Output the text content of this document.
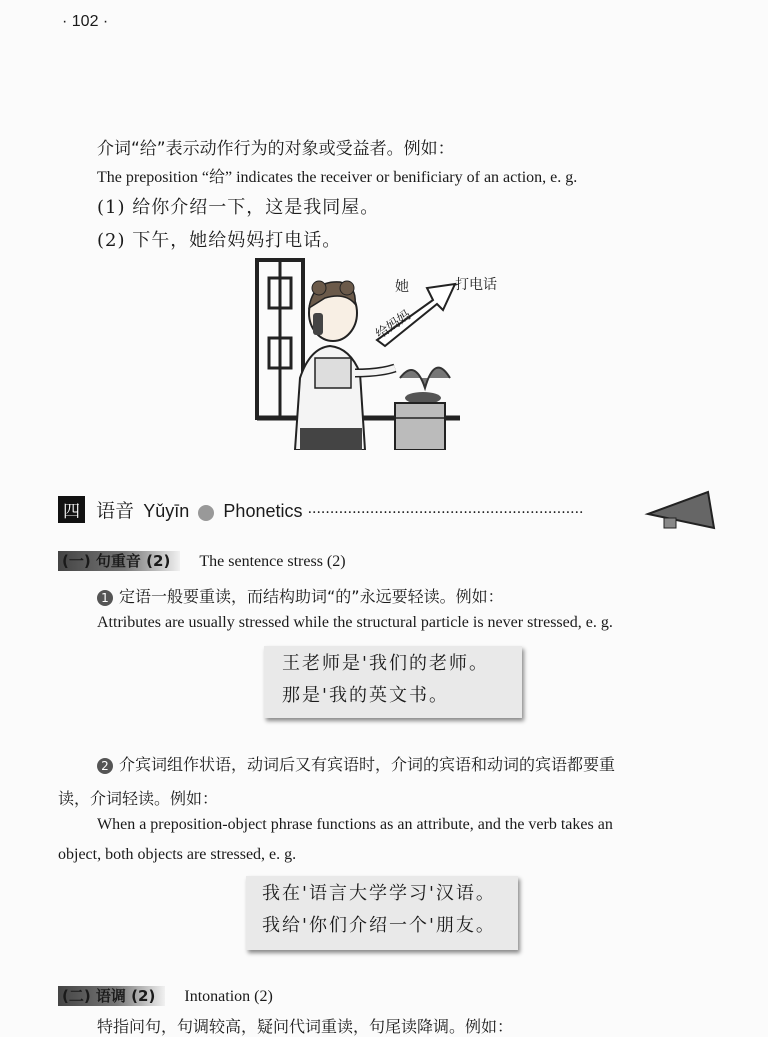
· 102 ·
介词“给”表示动作行为的对象或受益者。例如：
The preposition “给” indicates the receiver or benificiary of an action, e. g.
(1) 给你介绍一下，这是我同屋。
(2) 下午，她给妈妈打电话。
她	打电话
给妈妈
四 语音 Yǔyīn Phonetics ······························································
(一) 句重音 (2) The sentence stress (2)
1 定语一般要重读，而结构助词“的”永远要轻读。例如：
Attributes are usually stressed while the structural particle is never stressed, e. g.
王老师是'我们的老师。
那是'我的英文书。
2 介宾词组作状语，动词后又有宾语时，介词的宾语和动词的宾语都要重
读，介词轻读。例如：
When a preposition-object phrase functions as an attribute, and the verb takes an
object, both objects are stressed, e. g.
我在'语言大学学习'汉语。
我给'你们介绍一个'朋友。
(二) 语调 (2) Intonation (2)
特指问句，句调较高，疑问代词重读，句尾读降调。例如：
